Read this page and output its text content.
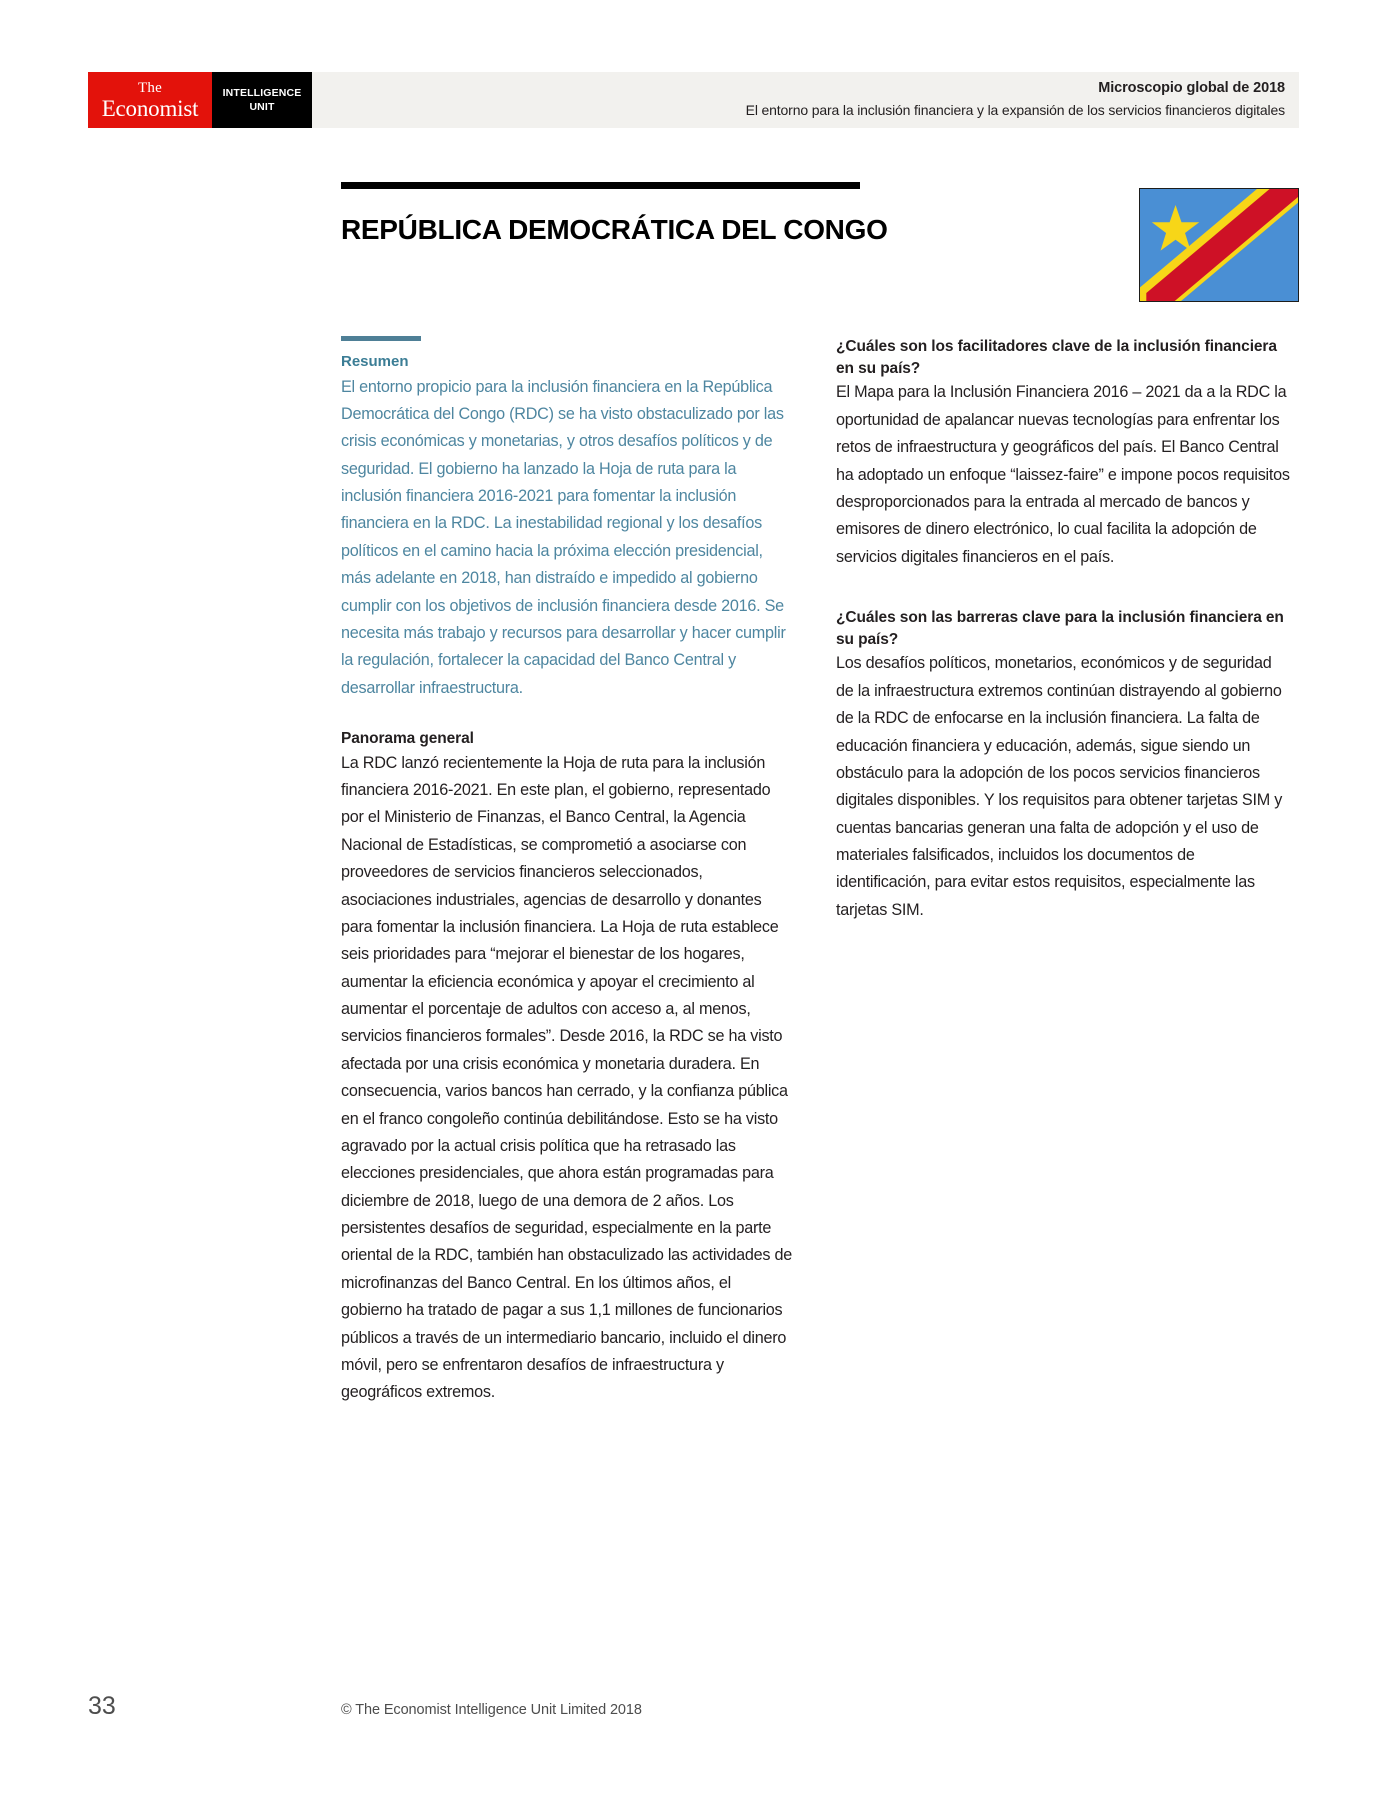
The
Economist
INTELLIGENCE
UNIT
Microscopio global de 2018
El entorno para la inclusión financiera y la expansión de los servicios financieros digitales
REPÚBLICA DEMOCRÁTICA DEL CONGO
Resumen

El entorno propicio para la inclusión financiera en la República Democrática del Congo (RDC) se ha visto obstaculizado por las crisis económicas y monetarias, y otros desafíos políticos y de seguridad. El gobierno ha lanzado la Hoja de ruta para la inclusión financiera 2016-2021 para fomentar la inclusión financiera en la RDC. La inestabilidad regional y los desafíos políticos en el camino hacia la próxima elección presidencial, más adelante en 2018, han distraído e impedido al gobierno cumplir con los objetivos de inclusión financiera desde 2016. Se necesita más trabajo y recursos para desarrollar y hacer cumplir la regulación, fortalecer la capacidad del Banco Central y desarrollar infraestructura.

Panorama general

La RDC lanzó recientemente la Hoja de ruta para la inclusión financiera 2016-2021. En este plan, el gobierno, representado por el Ministerio de Finanzas, el Banco Central, la Agencia Nacional de Estadísticas, se comprometió a asociarse con proveedores de servicios financieros seleccionados, asociaciones industriales, agencias de desarrollo y donantes para fomentar la inclusión financiera. La Hoja de ruta establece seis prioridades para “mejorar el bienestar de los hogares, aumentar la eficiencia económica y apoyar el crecimiento al aumentar el porcentaje de adultos con acceso a, al menos, servicios financieros formales”. Desde 2016, la RDC se ha visto afectada por una crisis económica y monetaria duradera. En consecuencia, varios bancos han cerrado, y la confianza pública en el franco congoleño continúa debilitándose. Esto se ha visto agravado por la actual crisis política que ha retrasado las elecciones presidenciales, que ahora están programadas para diciembre de 2018, luego de una demora de 2 años. Los persistentes desafíos de seguridad, especialmente en la parte oriental de la RDC, también han obstaculizado las actividades de microfinanzas del Banco Central. En los últimos años, el gobierno ha tratado de pagar a sus 1,1 millones de funcionarios públicos a través de un intermediario bancario, incluido el dinero móvil, pero se enfrentaron desafíos de infraestructura y geográficos extremos.

¿Cuáles son los facilitadores clave de la inclusión financiera en su país?

El Mapa para la Inclusión Financiera 2016 – 2021 da a la RDC la oportunidad de apalancar nuevas tecnologías para enfrentar los retos de infraestructura y geográficos del país. El Banco Central ha adoptado un enfoque “laissez-faire” e impone pocos requisitos desproporcionados para la entrada al mercado de bancos y emisores de dinero electrónico, lo cual facilita la adopción de servicios digitales financieros en el país.

¿Cuáles son las barreras clave para la inclusión financiera en su país?

Los desafíos políticos, monetarios, económicos y de seguridad de la infraestructura extremos continúan distrayendo al gobierno de la RDC de enfocarse en la inclusión financiera. La falta de educación financiera y educación, además, sigue siendo un obstáculo para la adopción de los pocos servicios financieros digitales disponibles. Y los requisitos para obtener tarjetas SIM y cuentas bancarias generan una falta de adopción y el uso de materiales falsificados, incluidos los documentos de identificación, para evitar estos requisitos, especialmente las tarjetas SIM.

33	© The Economist Intelligence Unit Limited 2018
